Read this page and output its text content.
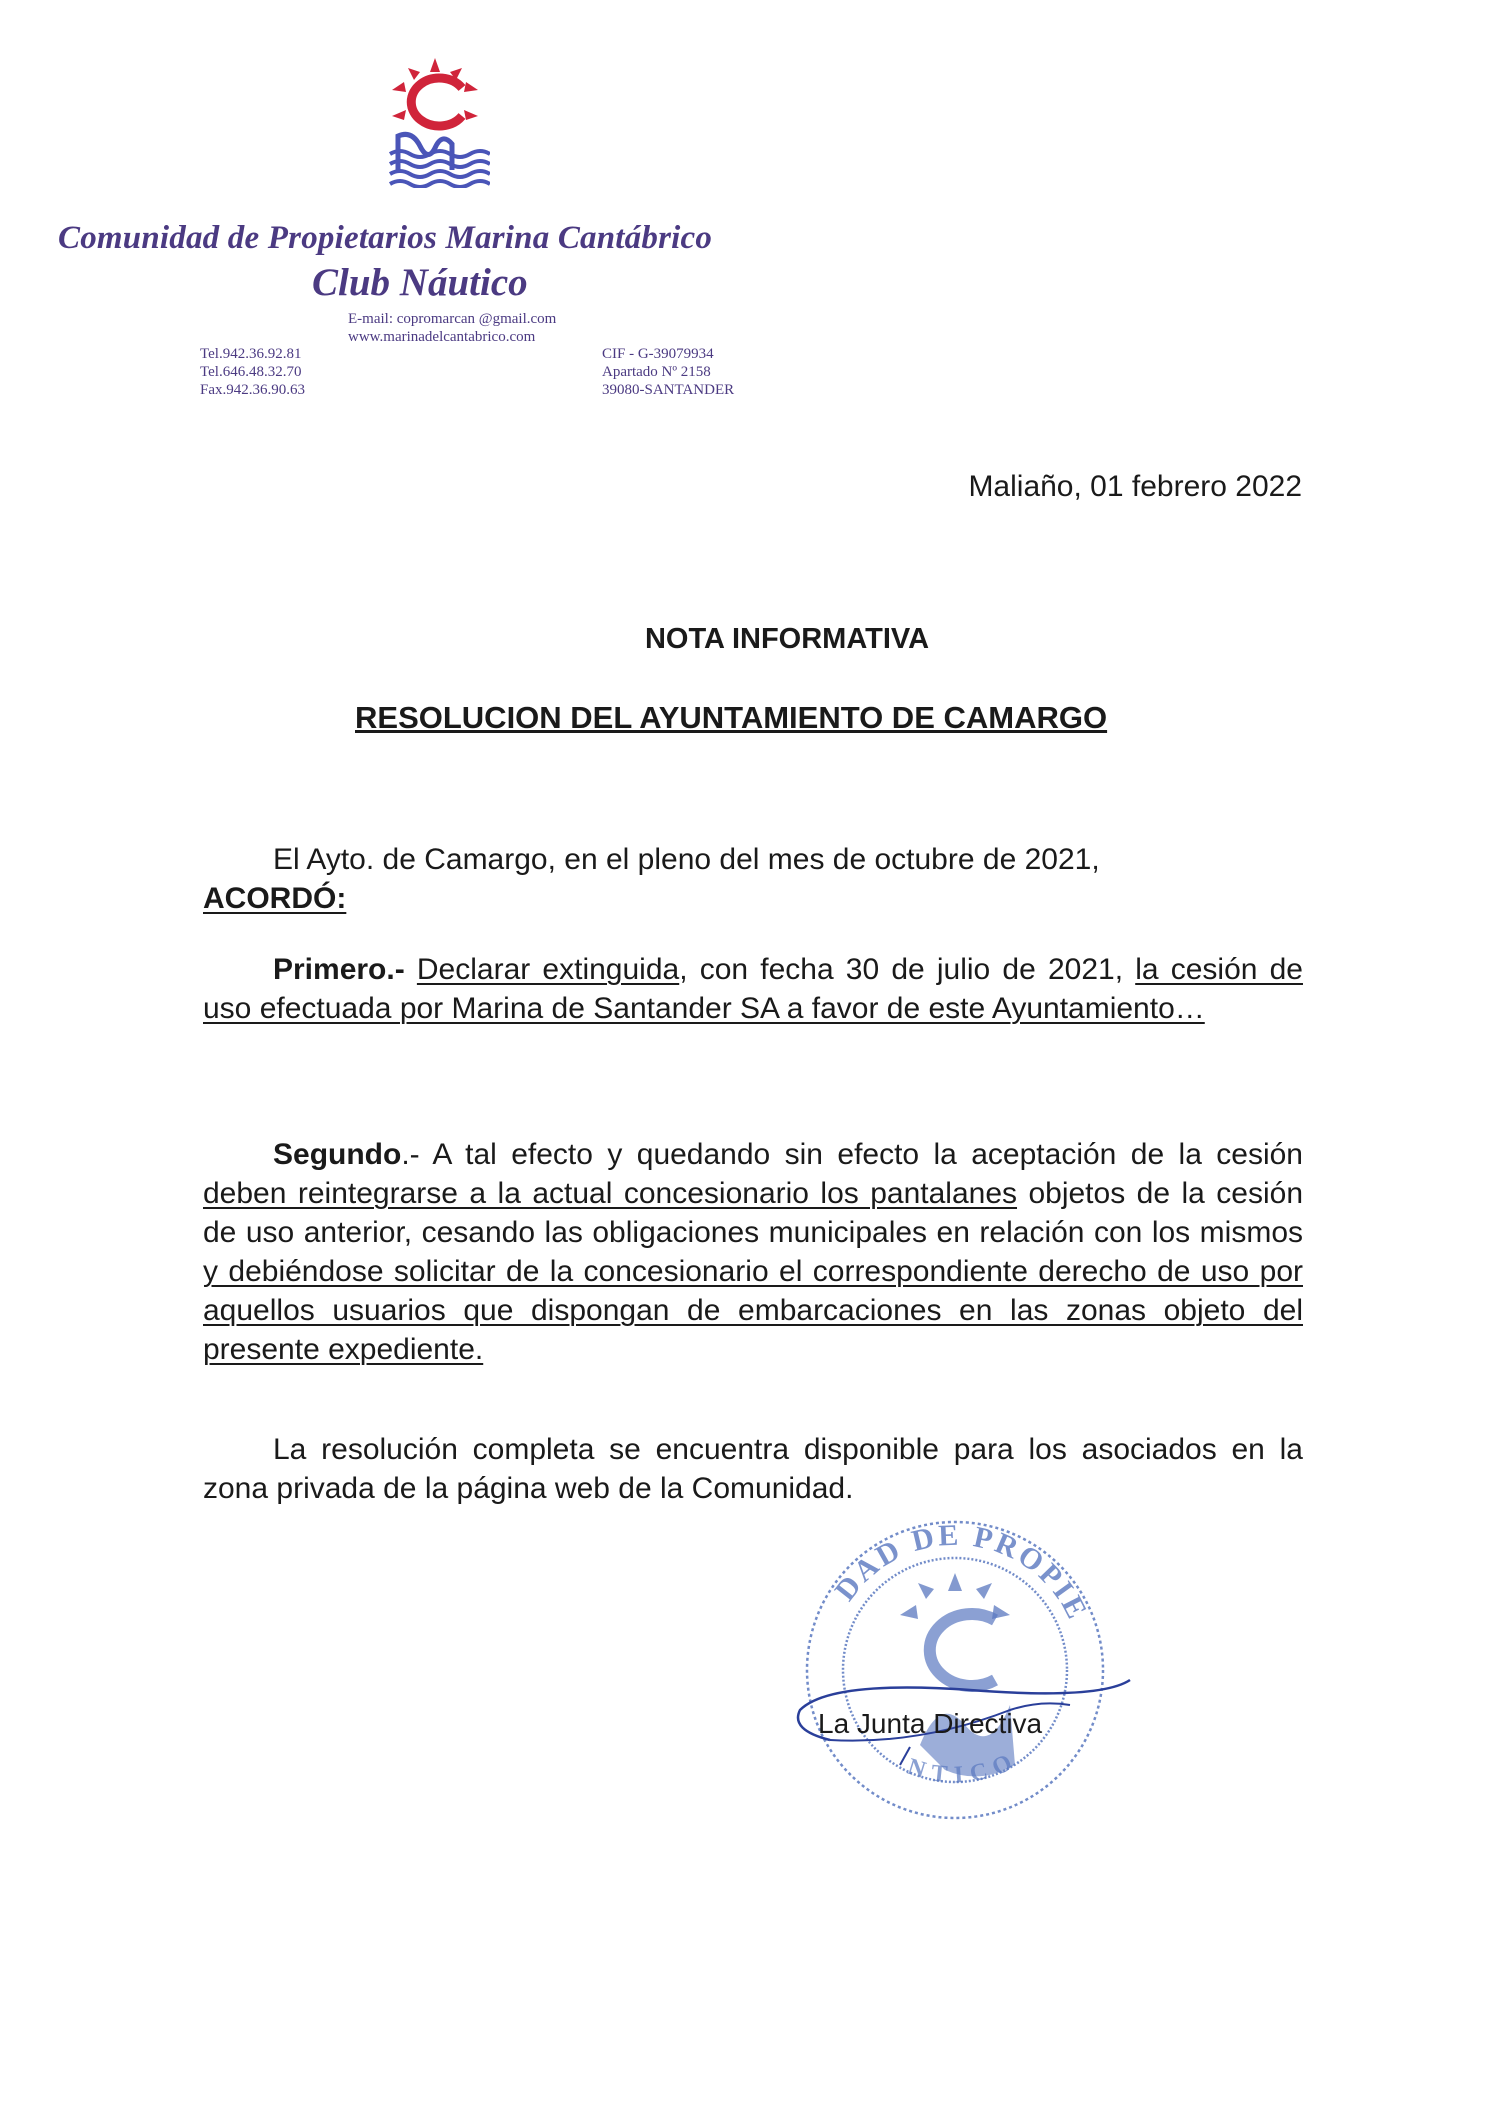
Comunidad de Propietarios Marina Cantábrico
Club Náutico
E-mail: copromarcan @gmail.com
www.marinadelcantabrico.com
Tel.942.36.92.81
Tel.646.48.32.70
Fax.942.36.90.63
CIF - G-39079934
Apartado Nº 2158
39080-SANTANDER
Maliaño, 01 febrero 2022
NOTA INFORMATIVA
RESOLUCION DEL AYUNTAMIENTO DE CAMARGO
El Ayto. de Camargo, en el pleno del mes de octubre de 2021,
ACORDÓ:
Primero.- Declarar extinguida, con fecha 30 de julio de 2021, la cesión de uso efectuada por Marina de Santander SA a favor de este Ayuntamiento…
Segundo.- A tal efecto y quedando sin efecto la aceptación de la cesión deben reintegrarse a la actual concesionario los pantalanes objetos de la cesión de uso anterior, cesando las obligaciones municipales en relación con los mismos y debiéndose solicitar de la concesionario el correspondiente derecho de uso por aquellos usuarios que dispongan de embarcaciones en las zonas objeto del presente expediente.
La resolución completa se encuentra disponible para los asociados en la zona privada de la página web de la Comunidad.
DAD DE PROPIE
NTICO
La Junta Directiva
